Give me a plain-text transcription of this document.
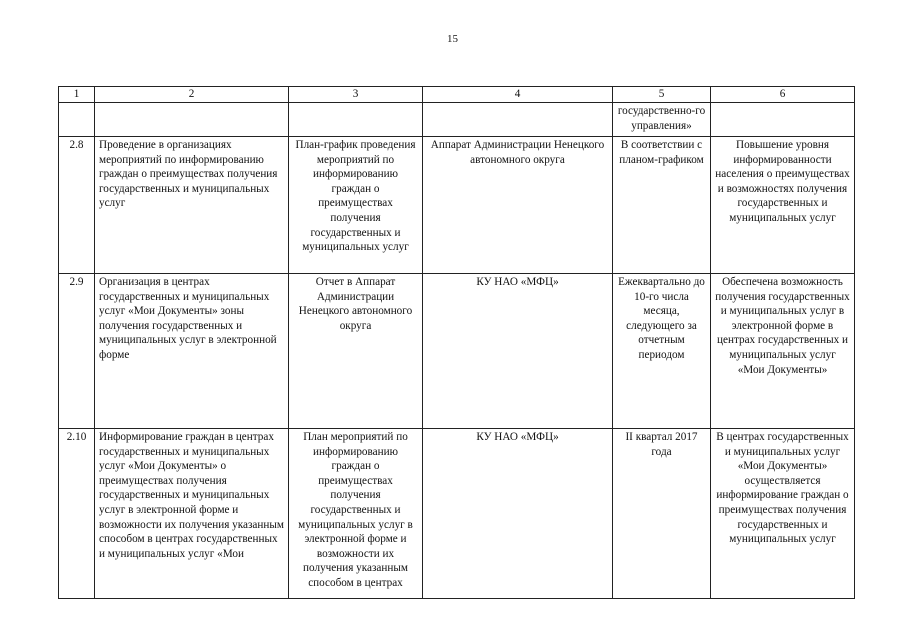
15
1	2	3	4	5	6
				государственно-го управления»	
2.8	Проведение в организациях мероприятий по информированию граждан о преимуществах получения государственных и муниципальных услуг	План-график проведения мероприятий по информированию граждан о преимуществах получения государственных и муниципальных услуг	Аппарат Администрации Ненецкого автономного округа	В соответствии с планом-графиком	Повышение уровня информированности населения о преимуществах и возможностях получения государственных и муниципальных услуг
2.9	Организация в центрах государственных и муниципальных услуг «Мои Документы» зоны получения государственных и муниципальных услуг в электронной форме	Отчет в Аппарат Администрации Ненецкого автономного округа	КУ НАО «МФЦ»	Ежеквартально до 10-го числа месяца, следующего за отчетным периодом	Обеспечена возможность получения государственных и муниципальных услуг в электронной форме в центрах государственных и муниципальных услуг «Мои Документы»
2.10	Информирование граждан в центрах государственных и муниципальных услуг «Мои Документы» о преимуществах получения государственных и муниципальных услуг в электронной форме и возможности их получения указанным способом в центрах государственных и муниципальных услуг «Мои	План мероприятий по информированию граждан о преимуществах получения государственных и муниципальных услуг в электронной форме и возможности их получения указанным способом в центрах	КУ НАО «МФЦ»	II квартал 2017 года	В центрах государственных и муниципальных услуг «Мои Документы» осуществляется информирование граждан о преимуществах получения государственных и муниципальных услуг
